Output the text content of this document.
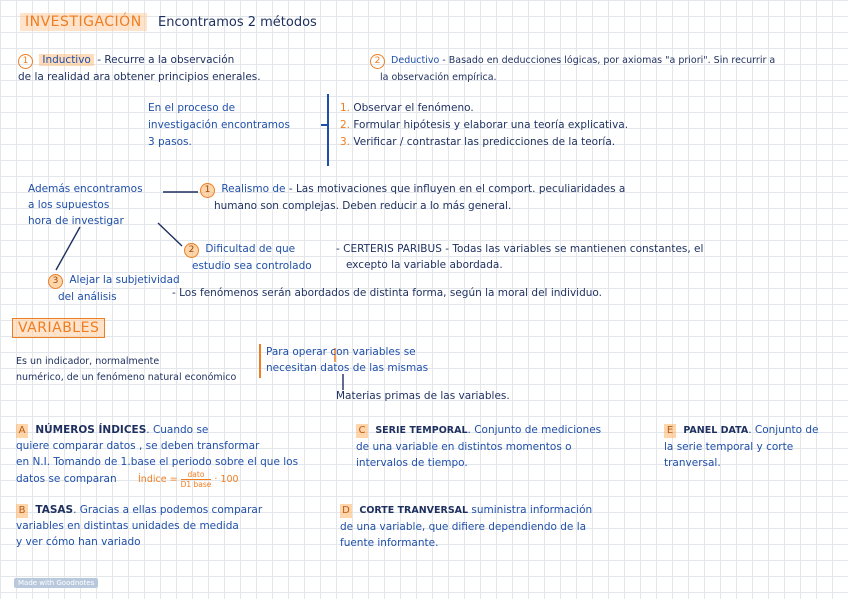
INVESTIGACIÓN Encontramos 2 métodos
1 Inductivo - Recurre a la observación
de la realidad ara obtener principios enerales.
2 Deductivo - Basado en deducciones lógicas, por axiomas "a priori". Sin recurrir a
la observación empírica.
En el proceso de
investigación encontramos
3 pasos.
1. Observar el fenómeno.
2. Formular hipótesis y elaborar una teoría explicativa.
3. Verificar / contrastar las predicciones de la teoría.
Además encontramos
a los supuestos
hora de investigar
1 Realismo de - Las motivaciones que influyen en el comport. peculiaridades a
humano son complejas. Deben reducir a lo más general.
2 Dificultad de que
estudio sea controlado
- CERTERIS PARIBUS - Todas las variables se mantienen constantes, el
excepto la variable abordada.
3 Alejar la subjetividad
del análisis	- Los fenómenos serán abordados de distinta forma, según la moral del individuo.
VARIABLES
Es un indicador, normalmente
numérico, de un fenómeno natural económico
Para operar con variables se
necesitan datos de las mismas
Materias primas de las variables.
A NÚMEROS ÍNDICES. Cuando se
quiere comparar datos , se deben transformar
en N.I. Tomando de 1.base el periodo sobre el que los
datos se comparan Índice = $\frac{\text{dato}}{\text{D1 base}} \cdot 100$
B TASAS. Gracias a ellas podemos comparar
variables en distintas unidades de medida
y ver cómo han variado
C SERIE TEMPORAL. Conjunto de mediciones
de una variable en distintos momentos o
intervalos de tiempo.
D CORTE TRANVERSAL suministra información
de una variable, que difiere dependiendo de la
fuente informante.
E PANEL DATA. Conjunto de
la serie temporal y corte
tranversal.
Made with Goodnotes
